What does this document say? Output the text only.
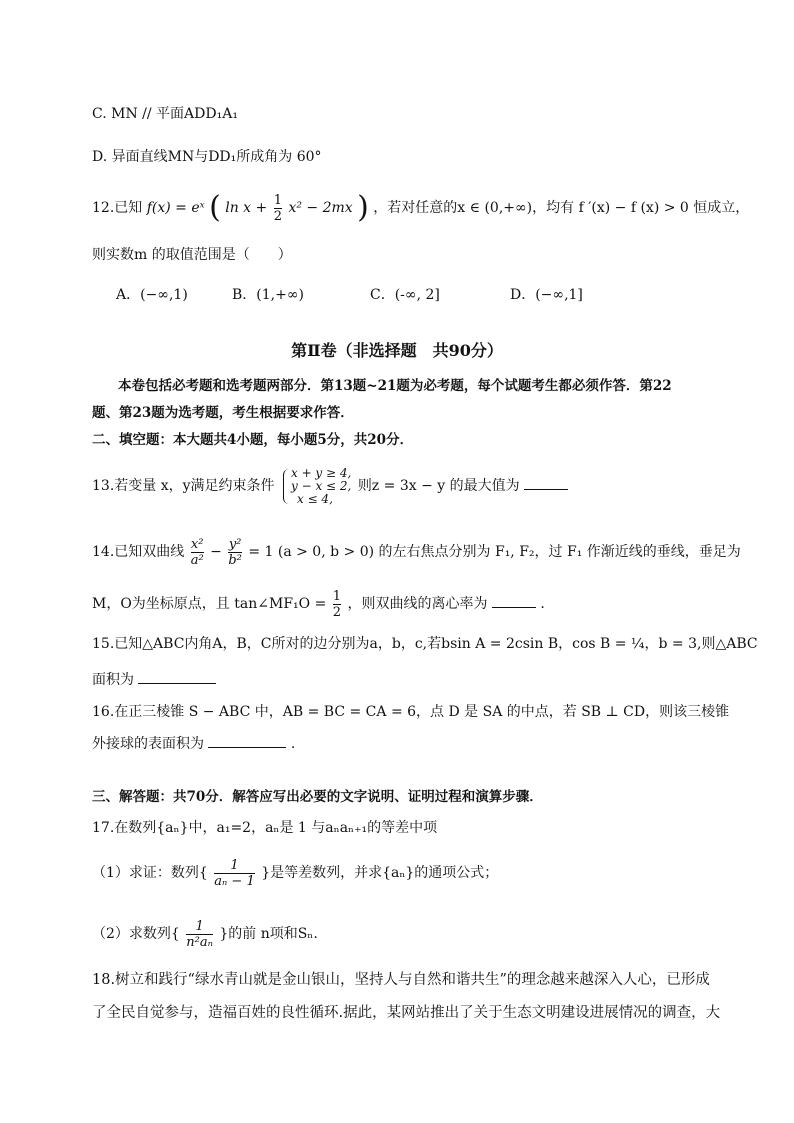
C. MN // 平面ADD₁A₁
D. 异面直线MN与DD₁所成角为 60°
12.已知 f(x) = eˣ ( $\ln x + \frac{1}{2} x^2 - 2mx$ ) ，若对任意的x ∈ (0,+∞)，均有 f ′(x) − f (x) > 0 恒成立，
则实数m 的取值范围是（　　）
A．(−∞,1)	B．(1,+∞)	C．(-∞, 2]	D．(−∞,1]
第Ⅱ卷（非选择题　共90分）
本卷包括必考题和选考题两部分．第13题~21题为必考题，每个试题考生都必须作答．第22
题、第23题为选考题，考生根据要求作答．
二、填空题：本大题共4小题，每小题5分，共20分．
13.若变量 x，y满足约束条件
x + y ≥ 4,
y − x ≤ 2,
x ≤ 4,
则z = 3x − y 的最大值为
14.已知双曲线 $\frac{\text{x²}}{\text{a²}} - \frac{\text{y²}}{\text{b²}} = 1$ (a > 0, b > 0) 的左右焦点分别为 F₁, F₂，过 F₁ 作渐近线的垂线，垂足为
M，O为坐标原点，且 tan∠MF₁O = $\frac{1}{2}$ ，则双曲线的离心率为	.
15.已知△ABC内角A，B，C所对的边分别为a，b，c,若bsin A = 2csin B，cos B = ¼，b = 3,则△ABC
面积为
16.在正三棱锥 S − ABC 中，AB = BC = CA = 6，点 D 是 SA 的中点，若 SB ⊥ CD，则该三棱锥
外接球的表面积为	.
三、解答题：共70分．解答应写出必要的文字说明、证明过程和演算步骤．
17.在数列{aₙ}中，a₁=2，aₙ是 1 与aₙaₙ₊₁的等差中项
（1）求证：数列{ $\frac{1}{\text{aₙ − 1}}$ }是等差数列，并求{aₙ}的通项公式；
（2）求数列{ $\frac{1}{\text{n²aₙ}}$ }的前 n项和Sₙ.
18.树立和践行“绿水青山就是金山银山，坚持人与自然和谐共生”的理念越来越深入人心，已形成
了全民自觉参与，造福百姓的良性循环.据此，某网站推出了关于生态文明建设进展情况的调查，大
